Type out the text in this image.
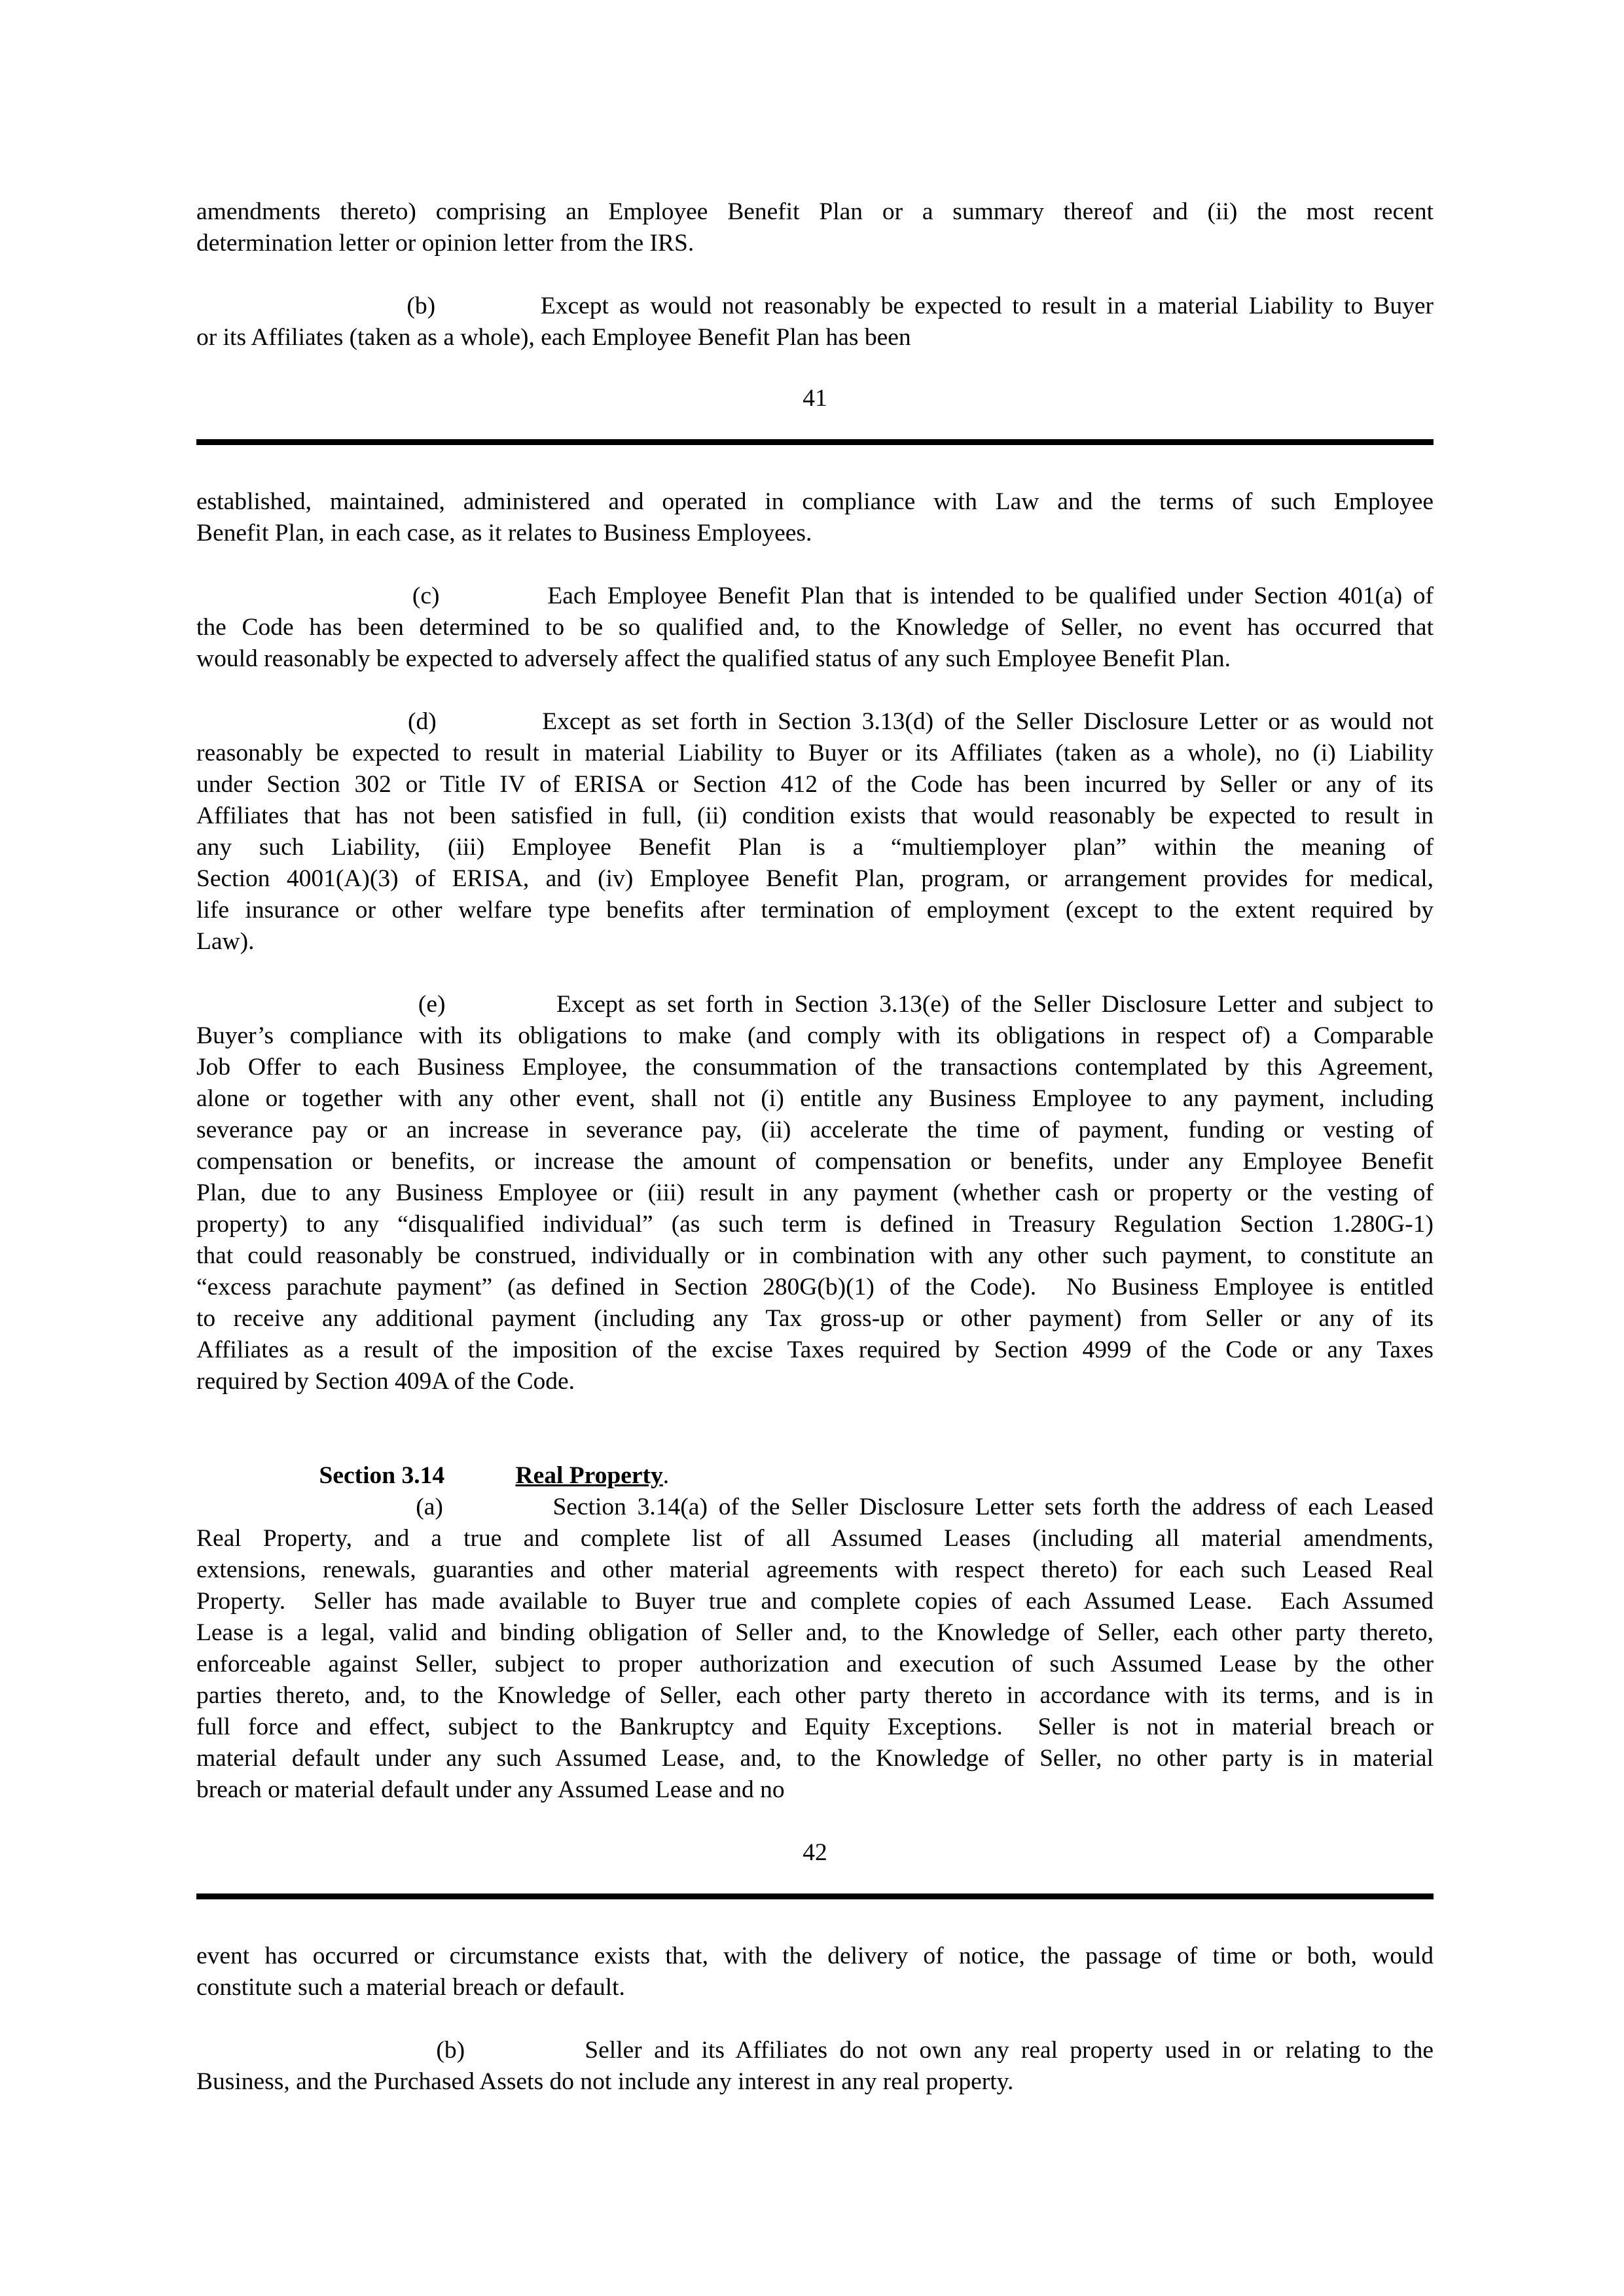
amendments thereto) comprising an Employee Benefit Plan or a summary thereof and (ii) the most recent
determination letter or opinion letter from the IRS.
(b)          Except as would not reasonably be expected to result in a material Liability to Buyer
or its Affiliates (taken as a whole), each Employee Benefit Plan has been
41
established, maintained, administered and operated in compliance with Law and the terms of such Employee
Benefit Plan, in each case, as it relates to Business Employees.
(c)          Each Employee Benefit Plan that is intended to be qualified under Section 401(a) of
the Code has been determined to be so qualified and, to the Knowledge of Seller, no event has occurred that
would reasonably be expected to adversely affect the qualified status of any such Employee Benefit Plan.
(d)          Except as set forth in Section 3.13(d) of the Seller Disclosure Letter or as would not
reasonably be expected to result in material Liability to Buyer or its Affiliates (taken as a whole), no (i) Liability
under Section 302 or Title IV of ERISA or Section 412 of the Code has been incurred by Seller or any of its
Affiliates that has not been satisfied in full, (ii) condition exists that would reasonably be expected to result in
any such Liability, (iii) Employee Benefit Plan is a “multiemployer plan” within the meaning of
Section 4001(A)(3) of ERISA, and (iv) Employee Benefit Plan, program, or arrangement provides for medical,
life insurance or other welfare type benefits after termination of employment (except to the extent required by
Law).
(e)          Except as set forth in Section 3.13(e) of the Seller Disclosure Letter and subject to
Buyer’s compliance with its obligations to make (and comply with its obligations in respect of) a Comparable
Job Offer to each Business Employee, the consummation of the transactions contemplated by this Agreement,
alone or together with any other event, shall not (i) entitle any Business Employee to any payment, including
severance pay or an increase in severance pay, (ii) accelerate the time of payment, funding or vesting of
compensation or benefits, or increase the amount of compensation or benefits, under any Employee Benefit
Plan, due to any Business Employee or (iii) result in any payment (whether cash or property or the vesting of
property) to any “disqualified individual” (as such term is defined in Treasury Regulation Section 1.280G-1)
that could reasonably be construed, individually or in combination with any other such payment, to constitute an
“excess parachute payment” (as defined in Section 280G(b)(1) of the Code).  No Business Employee is entitled
to receive any additional payment (including any Tax gross-up or other payment) from Seller or any of its
Affiliates as a result of the imposition of the excise Taxes required by Section 4999 of the Code or any Taxes
required by Section 409A of the Code.

Section 3.14	Real Property.

(a)          Section 3.14(a) of the Seller Disclosure Letter sets forth the address of each Leased
Real Property, and a true and complete list of all Assumed Leases (including all material amendments,
extensions, renewals, guaranties and other material agreements with respect thereto) for each such Leased Real
Property.  Seller has made available to Buyer true and complete copies of each Assumed Lease.  Each Assumed
Lease is a legal, valid and binding obligation of Seller and, to the Knowledge of Seller, each other party thereto,
enforceable against Seller, subject to proper authorization and execution of such Assumed Lease by the other
parties thereto, and, to the Knowledge of Seller, each other party thereto in accordance with its terms, and is in
full force and effect, subject to the Bankruptcy and Equity Exceptions.  Seller is not in material breach or
material default under any such Assumed Lease, and, to the Knowledge of Seller, no other party is in material
breach or material default under any Assumed Lease and no
42
event has occurred or circumstance exists that, with the delivery of notice, the passage of time or both, would
constitute such a material breach or default.
(b)          Seller and its Affiliates do not own any real property used in or relating to the
Business, and the Purchased Assets do not include any interest in any real property.
